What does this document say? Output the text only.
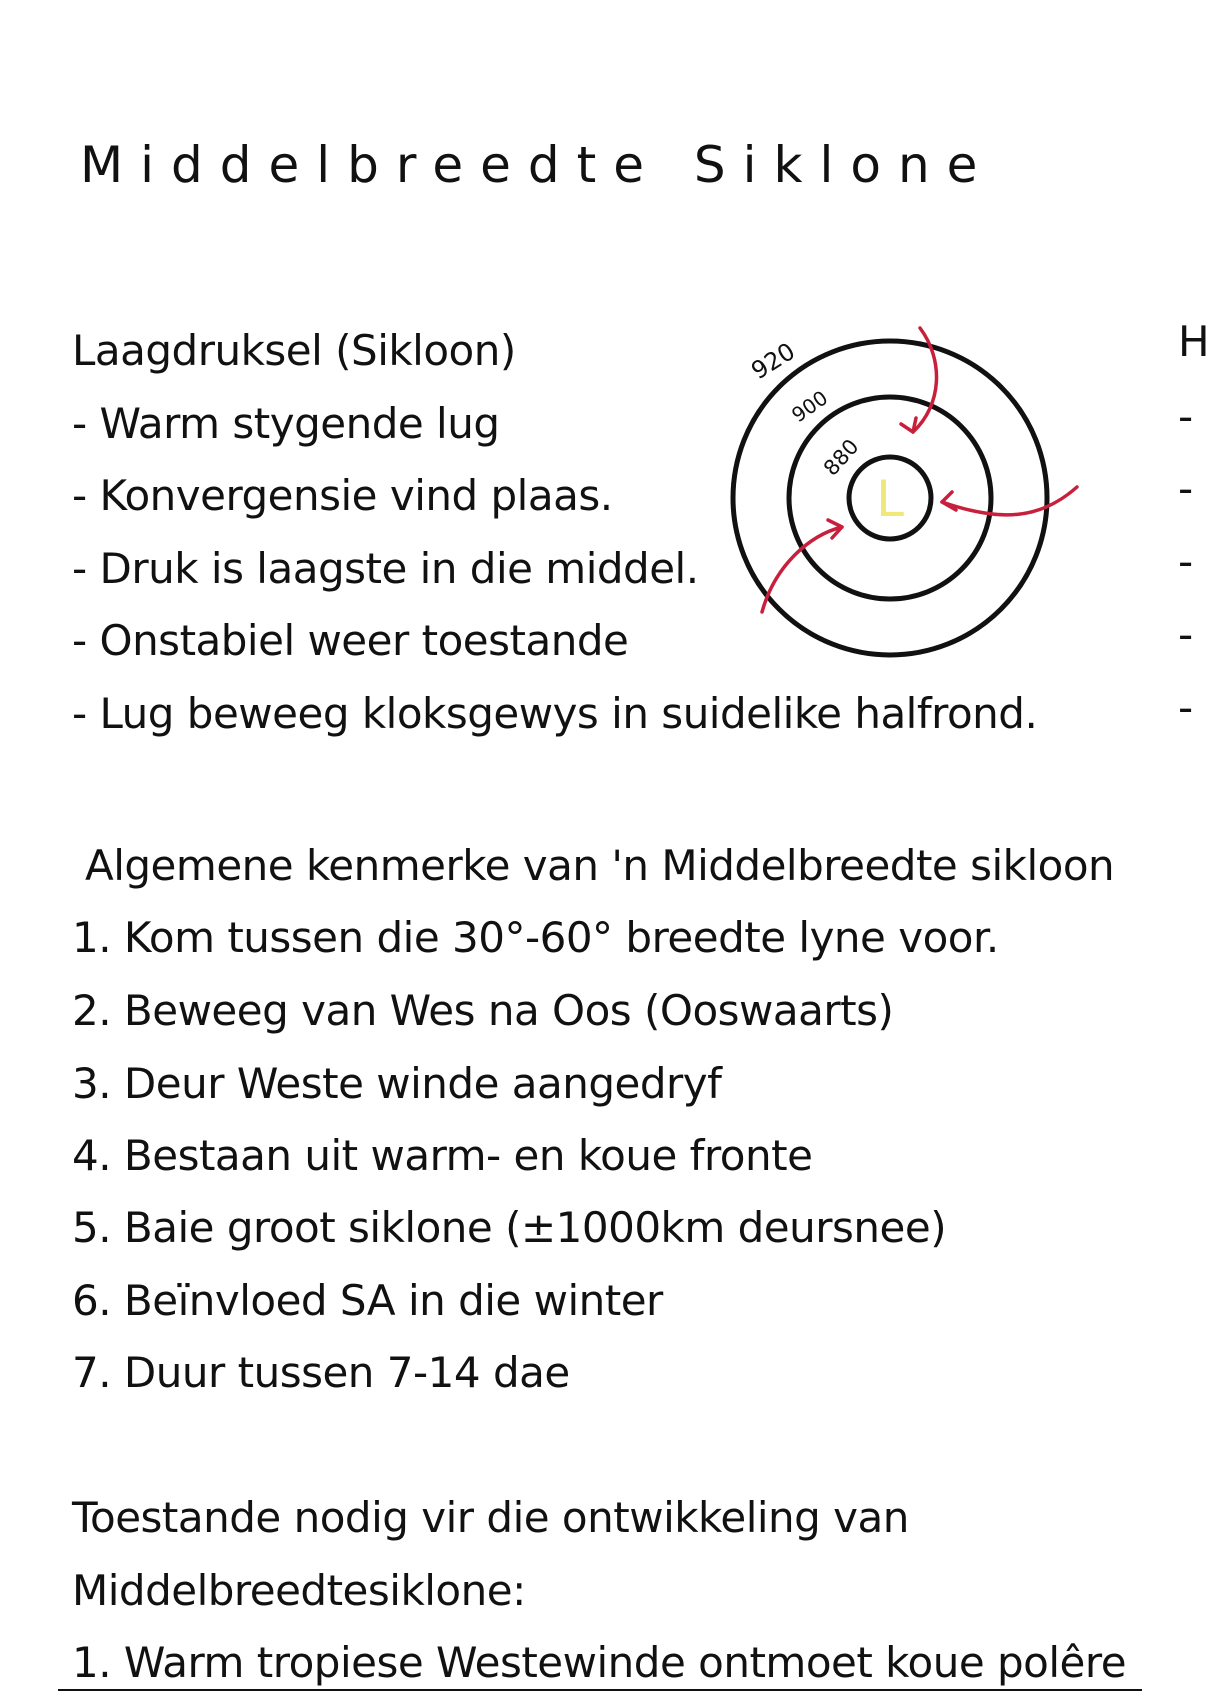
Middelbreedte Siklone

Laagdruksel (Sikloon)

- Warm stygende lug

- Konvergensie vind plaas.

- Druk is laagste in die middel.

- Onstabiel weer toestande

- Lug beweeg kloksgewys in suidelike halfrond.

920
900
880
L
H
-
-
-
-
-

Algemene kenmerke van 'n Middelbreedte sikloon

1. Kom tussen die 30°-60° breedte lyne voor.

2. Beweeg van Wes na Oos (Ooswaarts)

3. Deur Weste winde aangedryf

4. Bestaan uit warm- en koue fronte

5. Baie groot siklone (±1000km deursnee)

6. Beïnvloed SA in die winter

7. Duur tussen 7-14 dae

Toestande nodig vir die ontwikkeling van

Middelbreedtesiklone:

1. Warm tropiese Westewinde ontmoet koue polêre
